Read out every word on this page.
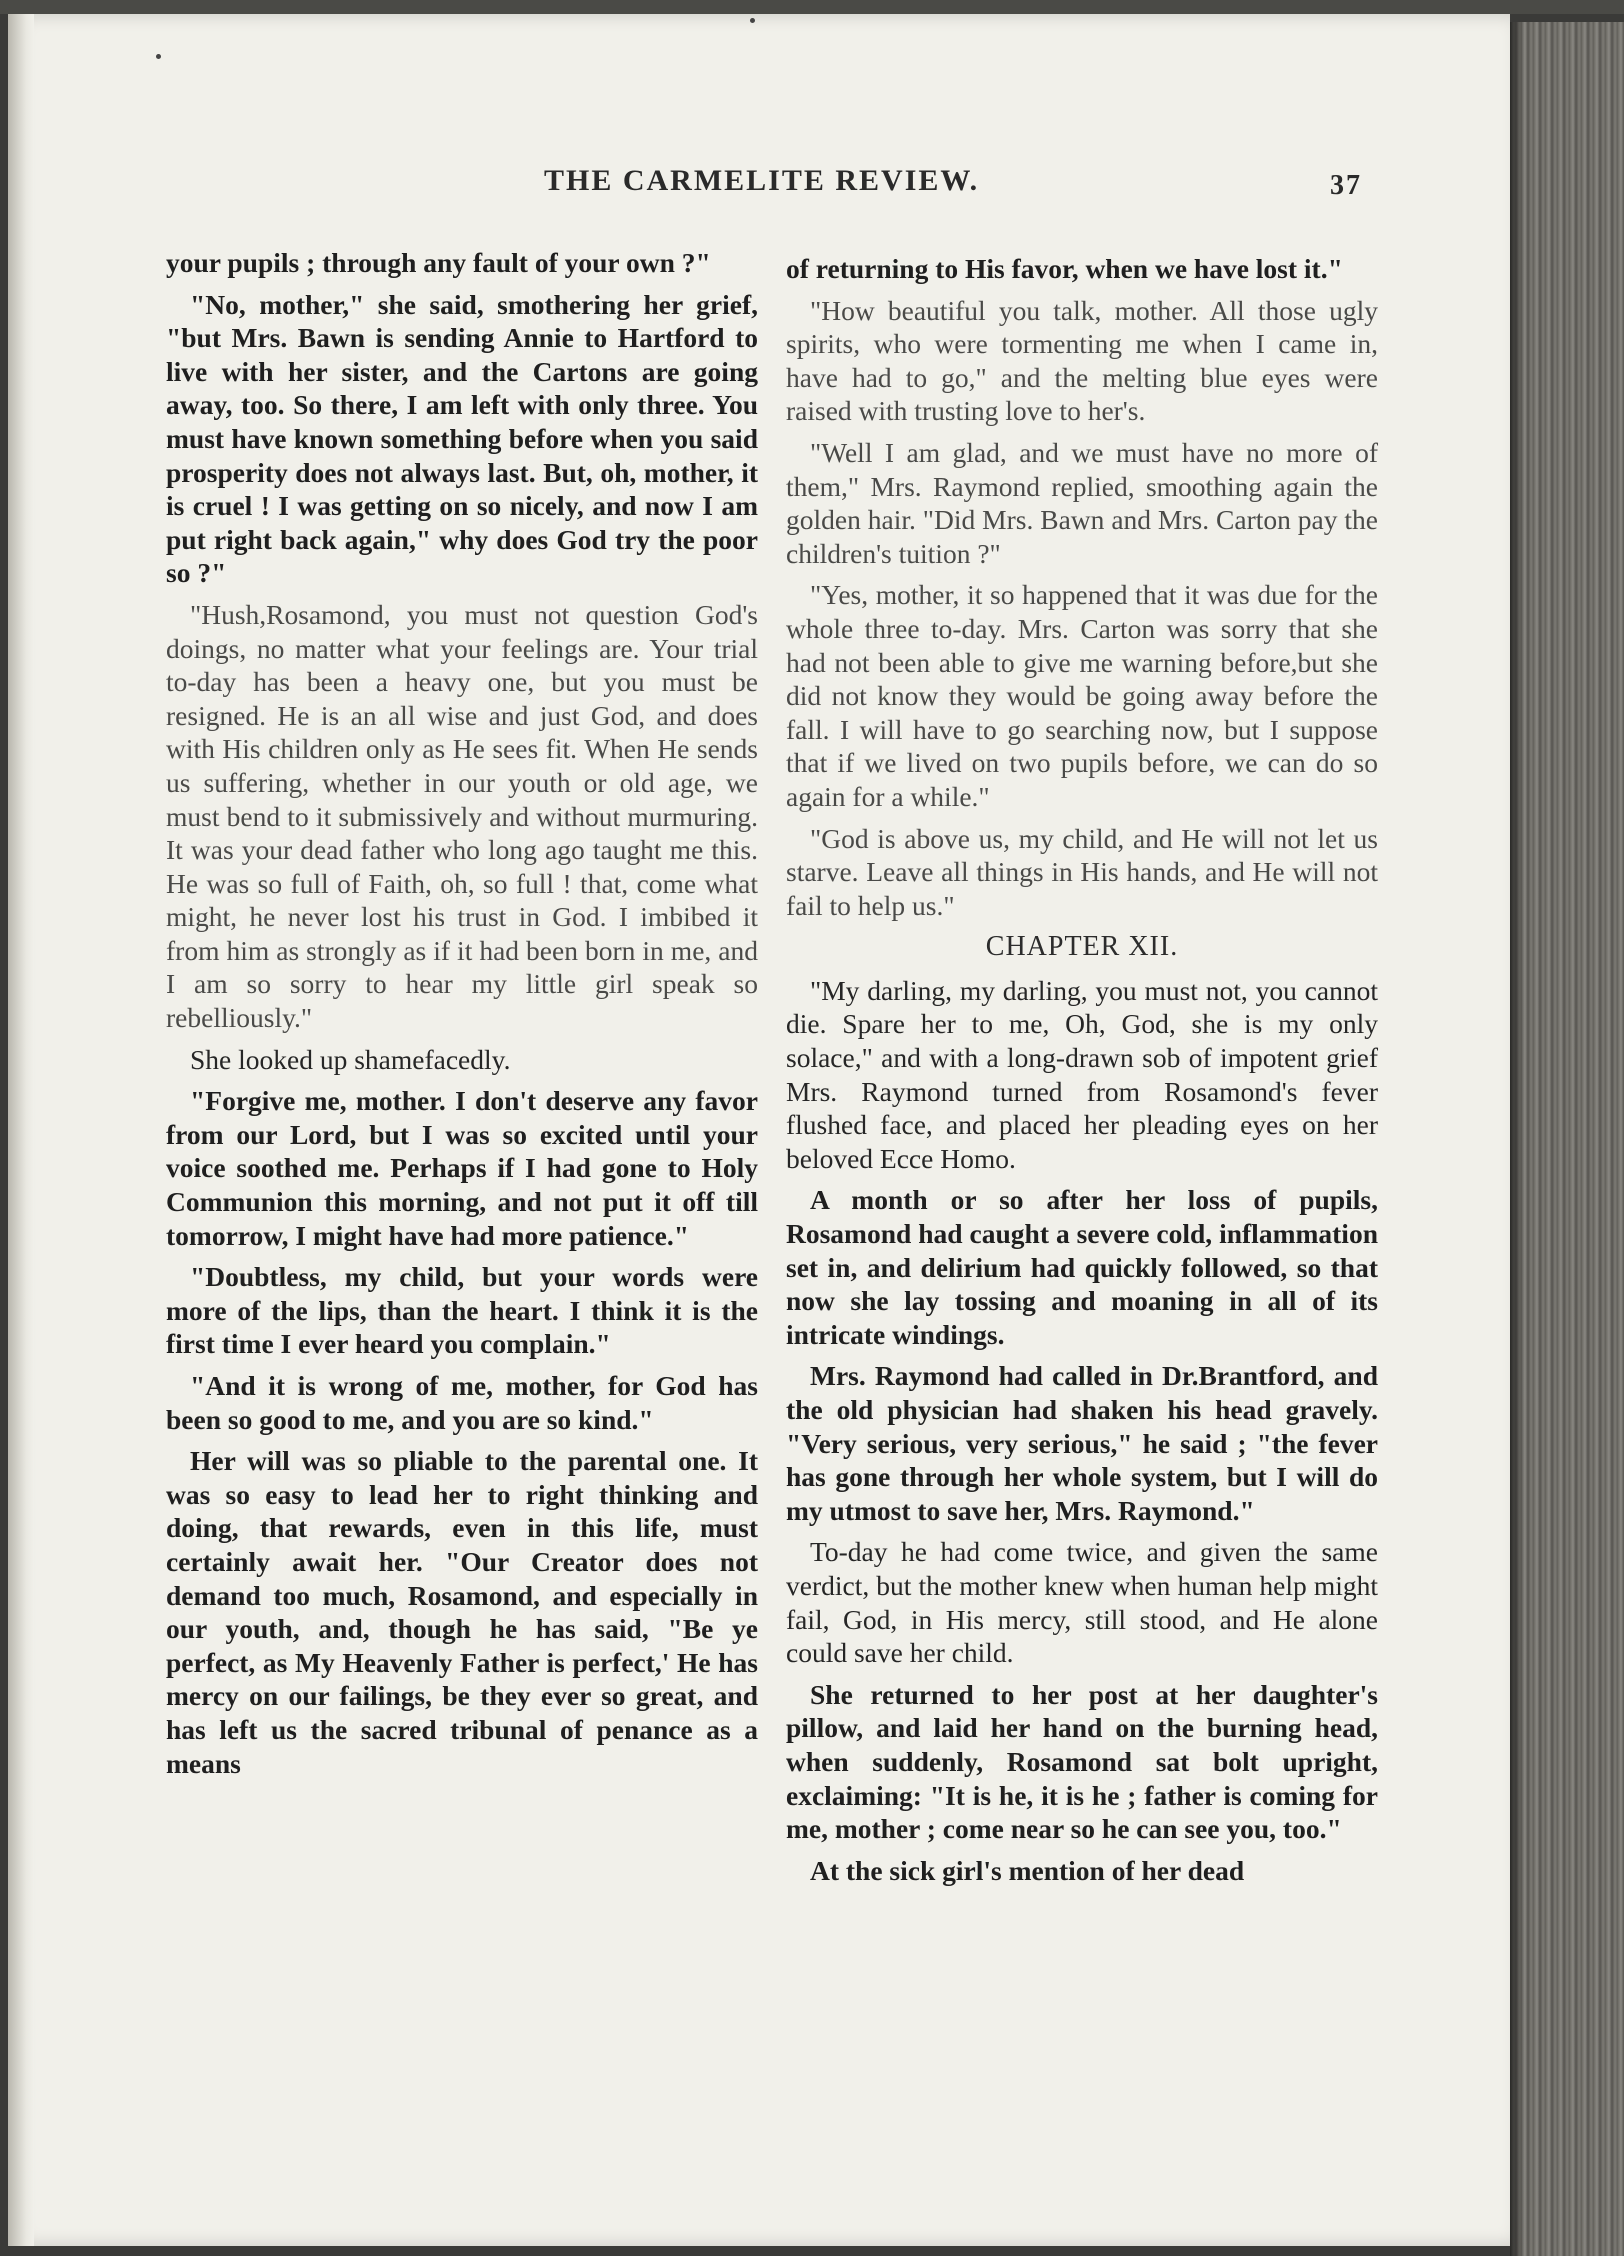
THE CARMELITE REVIEW.	37

your pupils ; through any fault of your own ?"

"No, mother," she said, smothering her grief, "but Mrs. Bawn is sending Annie to Hartford to live with her sister, and the Cartons are going away, too. So there, I am left with only three. You must have known something before when you said prosperity does not always last. But, oh, mother, it is cruel ! I was getting on so nicely, and now I am put right back again," why does God try the poor so ?"

"Hush,Rosamond, you must not question God's doings, no matter what your feelings are. Your trial to-day has been a heavy one, but you must be resigned. He is an all wise and just God, and does with His children only as He sees fit. When He sends us suffering, whether in our youth or old age, we must bend to it submissively and without murmuring. It was your dead father who long ago taught me this. He was so full of Faith, oh, so full ! that, come what might, he never lost his trust in God. I imbibed it from him as strongly as if it had been born in me, and I am so sorry to hear my little girl speak so rebelliously."

She looked up shamefacedly.

"Forgive me, mother. I don't deserve any favor from our Lord, but I was so excited until your voice soothed me. Perhaps if I had gone to Holy Communion this morning, and not put it off till tomorrow, I might have had more patience."

"Doubtless, my child, but your words were more of the lips, than the heart. I think it is the first time I ever heard you complain."

"And it is wrong of me, mother, for God has been so good to me, and you are so kind."

Her will was so pliable to the parental one. It was so easy to lead her to right thinking and doing, that rewards, even in this life, must certainly await her. "Our Creator does not demand too much, Rosamond, and especially in our youth, and, though he has said, "Be ye perfect, as My Heavenly Father is perfect,' He has mercy on our failings, be they ever so great, and has left us the sacred tribunal of penance as a means

of returning to His favor, when we have lost it."

"How beautiful you talk, mother. All those ugly spirits, who were tormenting me when I came in, have had to go," and the melting blue eyes were raised with trusting love to her's.

"Well I am glad, and we must have no more of them," Mrs. Raymond replied, smoothing again the golden hair. "Did Mrs. Bawn and Mrs. Carton pay the children's tuition ?"

"Yes, mother, it so happened that it was due for the whole three to-day. Mrs. Carton was sorry that she had not been able to give me warning before,but she did not know they would be going away before the fall. I will have to go searching now, but I suppose that if we lived on two pupils before, we can do so again for a while."

"God is above us, my child, and He will not let us starve. Leave all things in His hands, and He will not fail to help us."

CHAPTER XII.

"My darling, my darling, you must not, you cannot die. Spare her to me, Oh, God, she is my only solace," and with a long-drawn sob of impotent grief Mrs. Raymond turned from Rosamond's fever flushed face, and placed her pleading eyes on her beloved Ecce Homo.

A month or so after her loss of pupils, Rosamond had caught a severe cold, inflammation set in, and delirium had quickly followed, so that now she lay tossing and moaning in all of its intricate windings.

Mrs. Raymond had called in Dr.Brantford, and the old physician had shaken his head gravely. "Very serious, very serious," he said ; "the fever has gone through her whole system, but I will do my utmost to save her, Mrs. Raymond."

To-day he had come twice, and given the same verdict, but the mother knew when human help might fail, God, in His mercy, still stood, and He alone could save her child.

She returned to her post at her daughter's pillow, and laid her hand on the burning head, when suddenly, Rosamond sat bolt upright, exclaiming: "It is he, it is he ; father is coming for me, mother ; come near so he can see you, too."

At the sick girl's mention of her dead
